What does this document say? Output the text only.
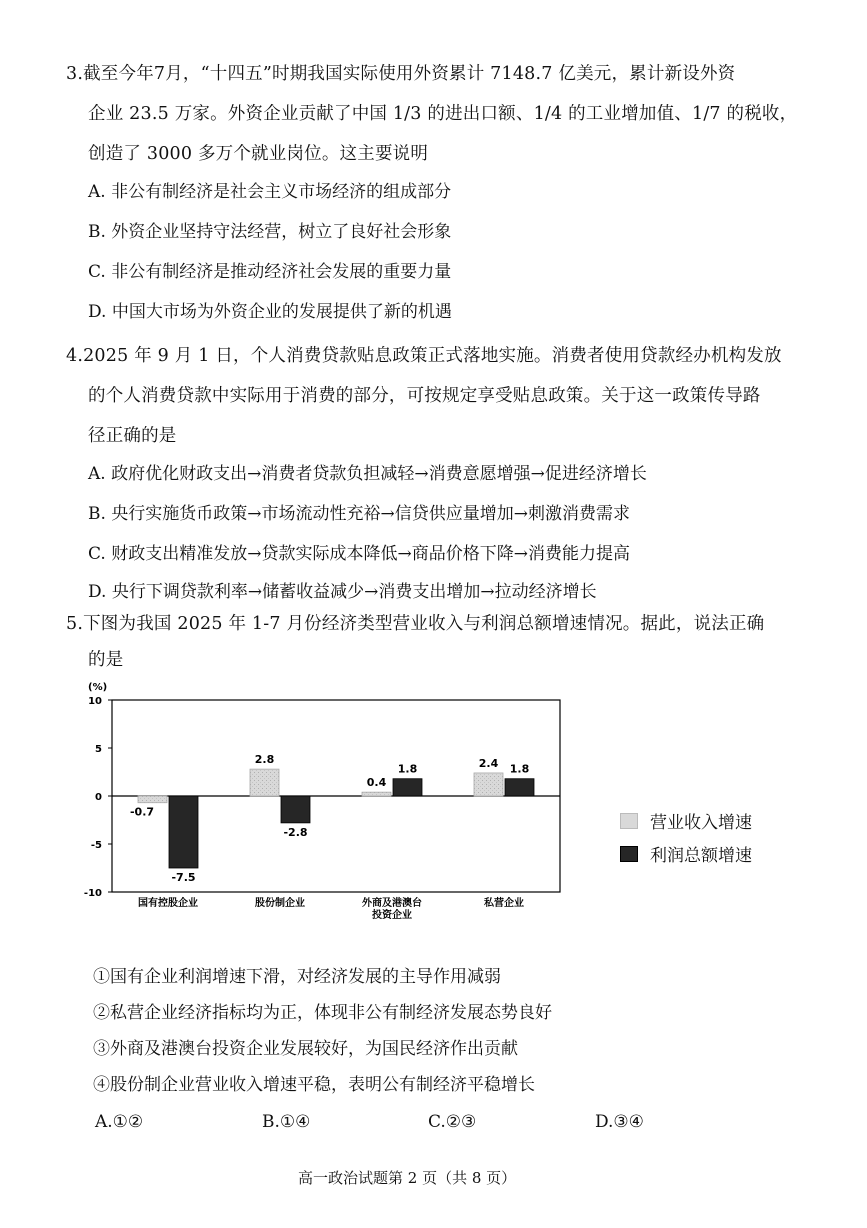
3.截至今年7月，“十四五”时期我国实际使用外资累计 7148.7 亿美元，累计新设外资
企业 23.5 万家。外资企业贡献了中国 1/3 的进出口额、1/4 的工业增加值、1/7 的税收，
创造了 3000 多万个就业岗位。这主要说明
A. 非公有制经济是社会主义市场经济的组成部分
B. 外资企业坚持守法经营，树立了良好社会形象
C. 非公有制经济是推动经济社会发展的重要力量
D. 中国大市场为外资企业的发展提供了新的机遇
4.2025 年 9 月 1 日，个人消费贷款贴息政策正式落地实施。消费者使用贷款经办机构发放
的个人消费贷款中实际用于消费的部分，可按规定享受贴息政策。关于这一政策传导路
径正确的是
A. 政府优化财政支出→消费者贷款负担减轻→消费意愿增强→促进经济增长
B. 央行实施货币政策→市场流动性充裕→信贷供应量增加→刺激消费需求
C. 财政支出精准发放→贷款实际成本降低→商品价格下降→消费能力提高
D. 央行下调贷款利率→储蓄收益减少→消费支出增加→拉动经济增长
5.下图为我国 2025 年 1-7 月份经济类型营业收入与利润总额增速情况。据此，说法正确
的是
10
5
0
-5
-10
-0.7
-7.5
2.8
-2.8
0.4
1.8	2.4 1.8
国有控股企业	股份制企业	外商及港澳台
投资企业
私营企业
(%)
营业收入增速
利润总额增速
①国有企业利润增速下滑，对经济发展的主导作用减弱
②私营企业经济指标均为正，体现非公有制经济发展态势良好
③外商及港澳台投资企业发展较好，为国民经济作出贡献
④股份制企业营业收入增速平稳，表明公有制经济平稳增长
A.①②	B.①④	C.②③	D.③④
高一政治试题第 2 页（共 8 页）
